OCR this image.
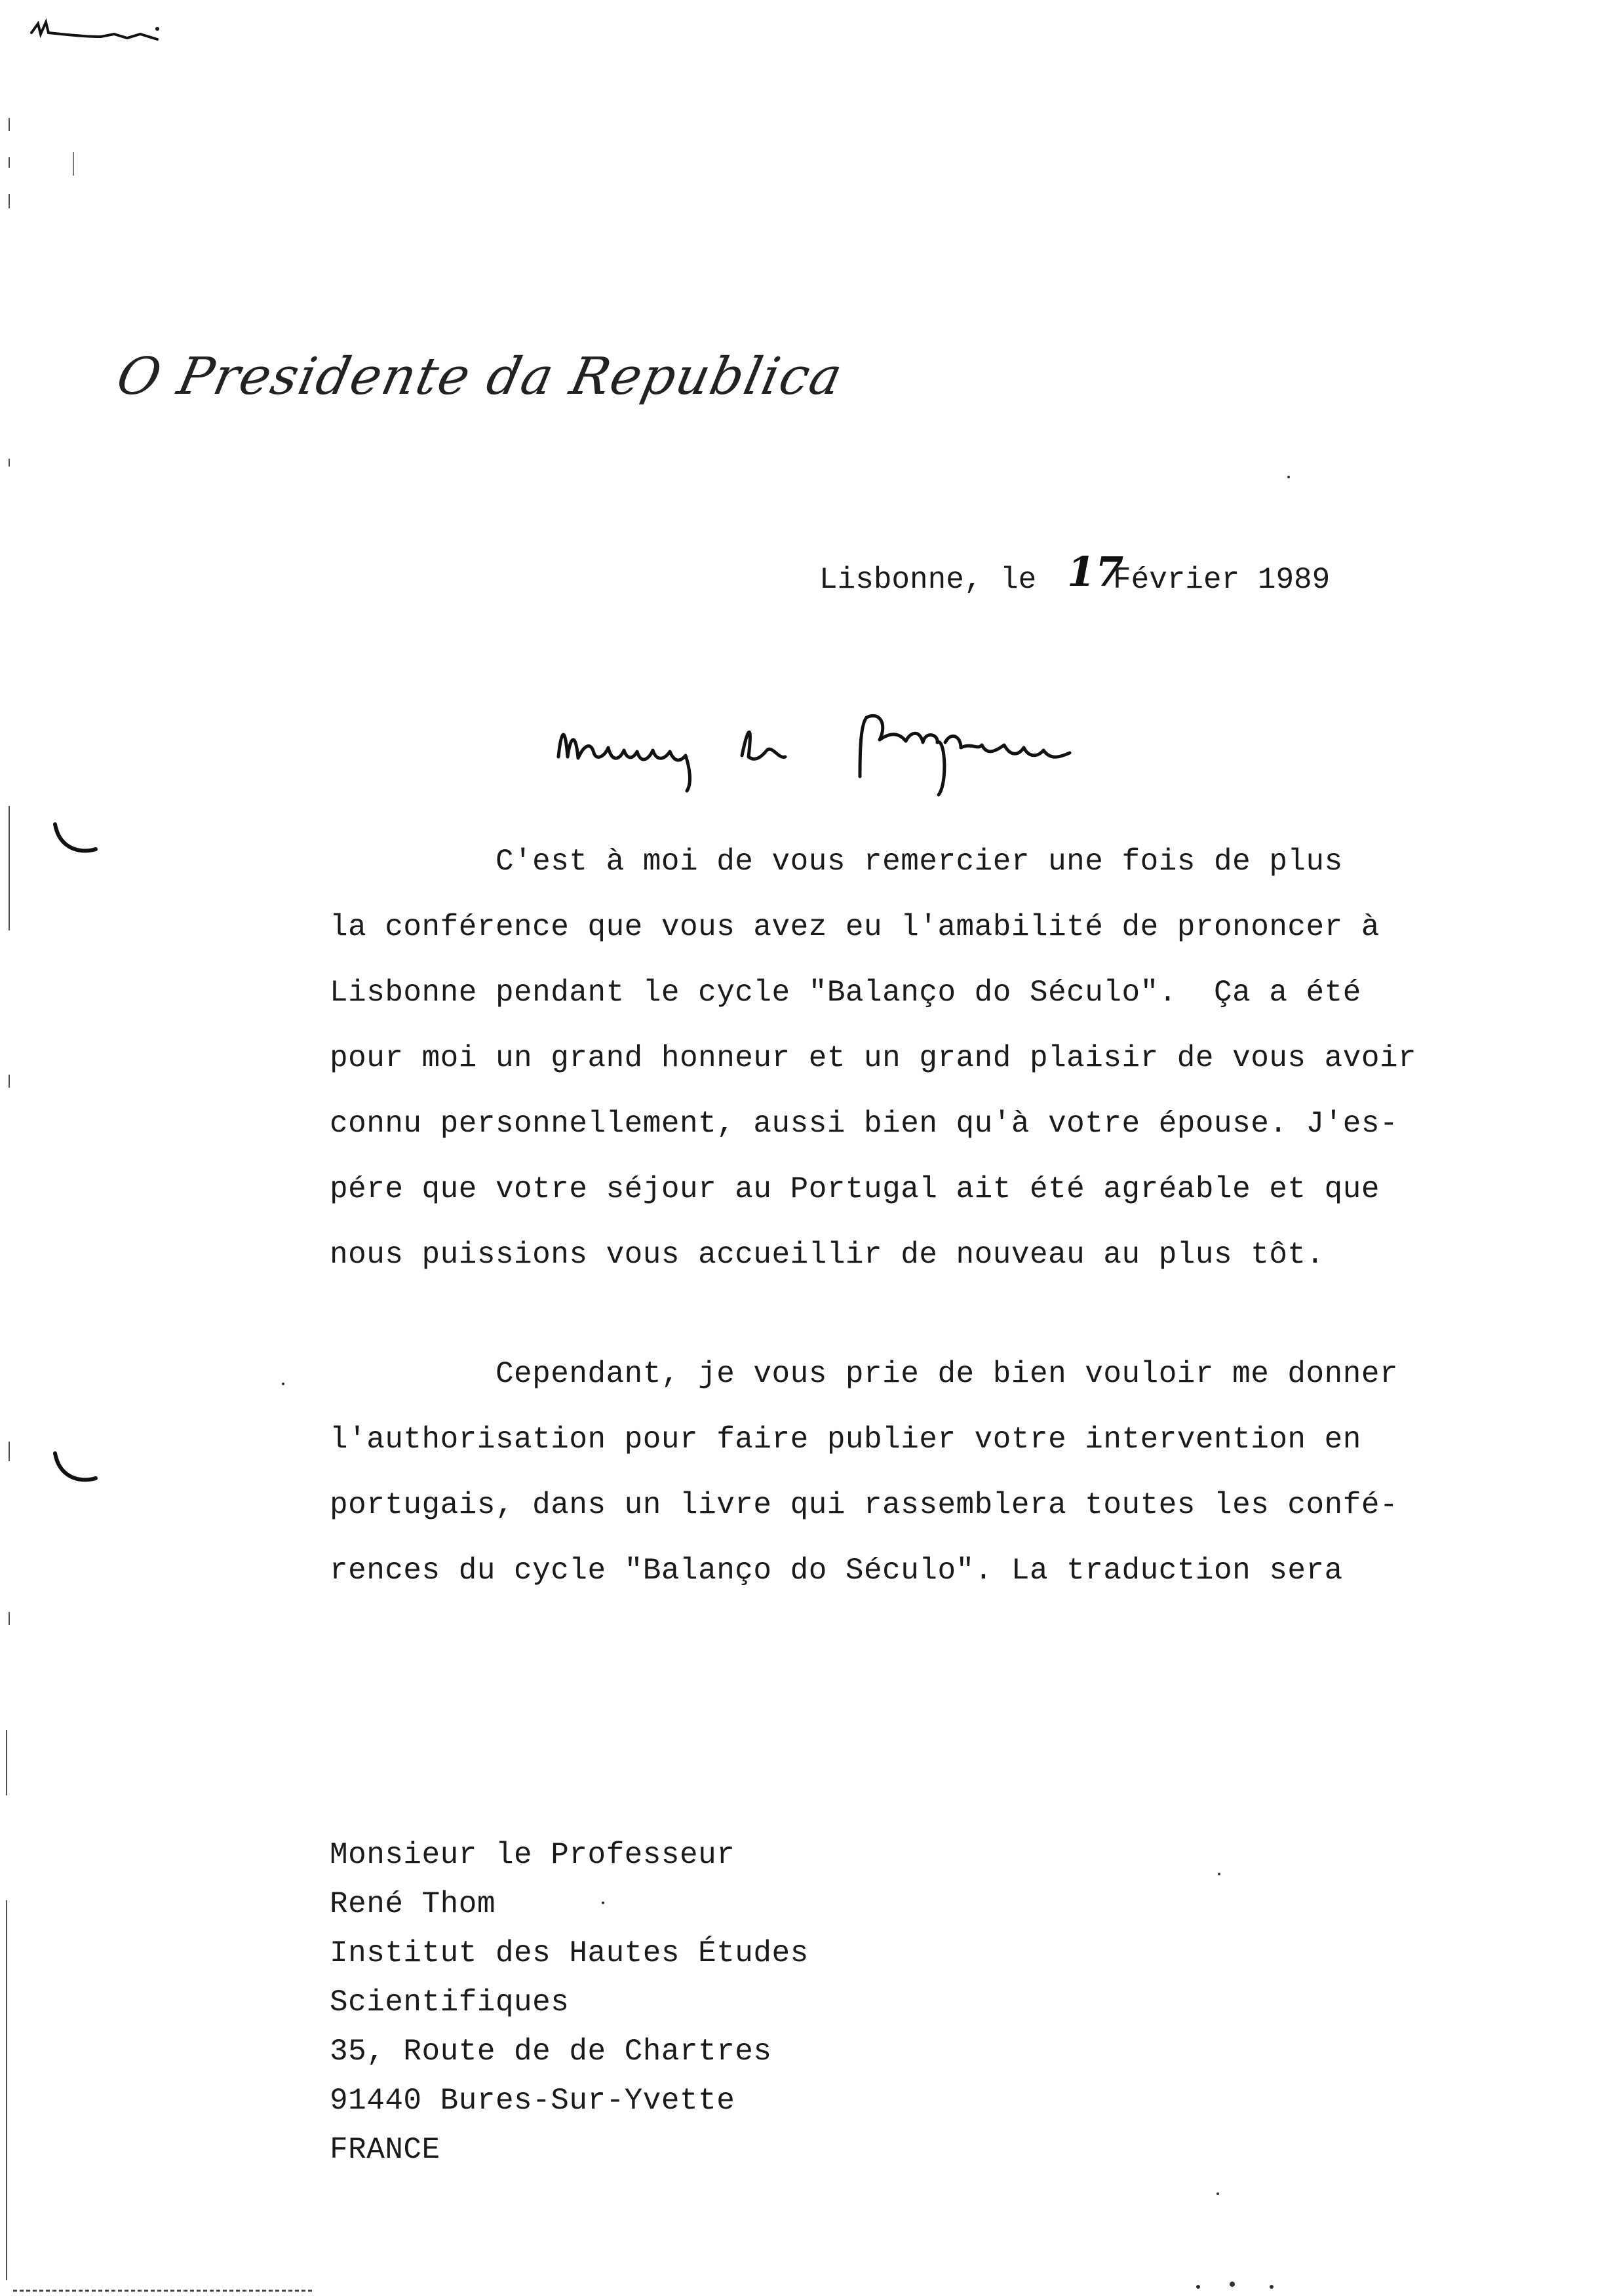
O Presidente da Republica
Lisbonne, le 17
Février 1989
C'est à moi de vous remercier une fois de plus
la conférence que vous avez eu l'amabilité de prononcer à
Lisbonne pendant le cycle "Balanço do Século".  Ça a été
pour moi un grand honneur et un grand plaisir de vous avoir
connu personnellement, aussi bien qu'à votre épouse. J'es-
pére que votre séjour au Portugal ait été agréable et que
nous puissions vous accueillir de nouveau au plus tôt.
Cependant, je vous prie de bien vouloir me donner
l'authorisation pour faire publier votre intervention en
portugais, dans un livre qui rassemblera toutes les confé-
rences du cycle "Balanço do Século". La traduction sera
Monsieur le Professeur
René Thom
Institut des Hautes Études
Scientifiques
35, Route de de Chartres
91440 Bures-Sur-Yvette
FRANCE
